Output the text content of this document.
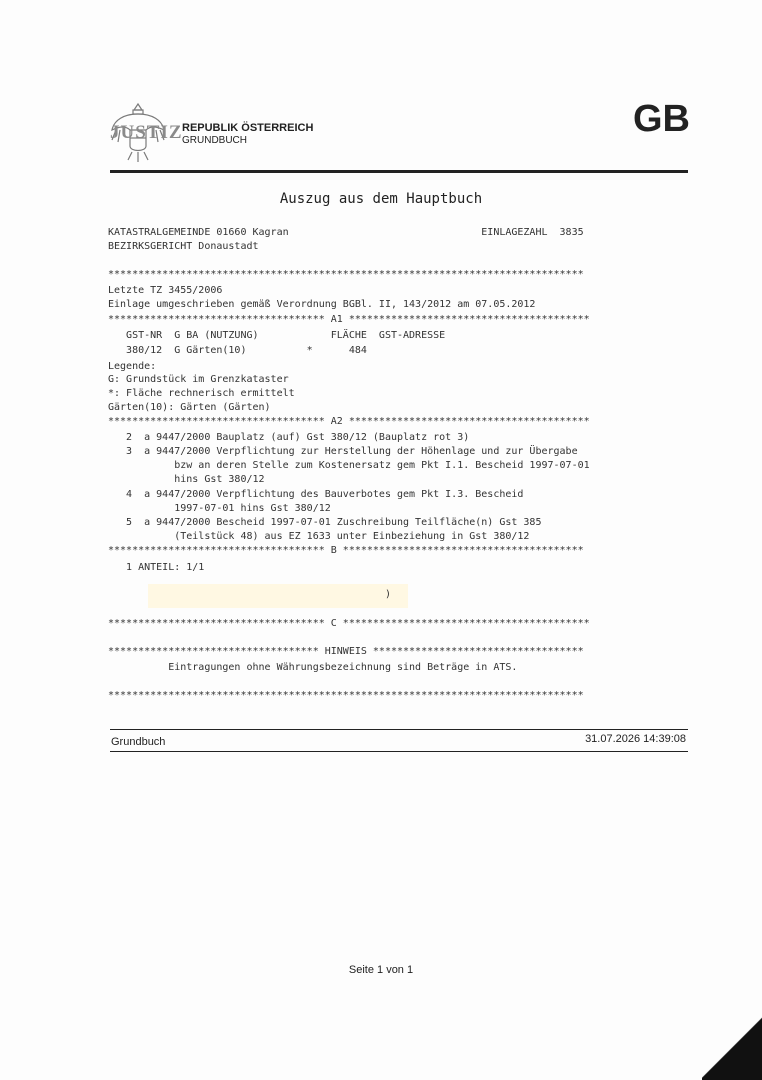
JUSTIZ REPUBLIK ÖSTERREICH
GRUNDBUCH
GB
Auszug aus dem Hauptbuch
KATASTRALGEMEINDE 01660 Kagran                                EINLAGEZAHL  3835
BEZIRKSGERICHT Donaustadt
*******************************************************************************
Letzte TZ 3455/2006
Einlage umgeschrieben gemäß Verordnung BGBl. II, 143/2012 am 07.05.2012
************************************ A1 ****************************************
GST-NR  G BA (NUTZUNG)            FLÄCHE  GST-ADRESSE
380/12  G Gärten(10)          *      484
Legende:
G: Grundstück im Grenzkataster
*: Fläche rechnerisch ermittelt
Gärten(10): Gärten (Gärten)
************************************ A2 ****************************************
2  a 9447/2000 Bauplatz (auf) Gst 380/12 (Bauplatz rot 3)
3  a 9447/2000 Verpflichtung zur Herstellung der Höhenlage und zur Übergabe
bzw an deren Stelle zum Kostenersatz gem Pkt I.1. Bescheid 1997-07-01
hins Gst 380/12
4  a 9447/2000 Verpflichtung des Bauverbotes gem Pkt I.3. Bescheid
1997-07-01 hins Gst 380/12
5  a 9447/2000 Bescheid 1997-07-01 Zuschreibung Teilfläche(n) Gst 385
(Teilstück 48) aus EZ 1633 unter Einbeziehung in Gst 380/12
************************************ B ****************************************
1 ANTEIL: 1/1
)
************************************ C *****************************************
*********************************** HINWEIS ***********************************
Eintragungen ohne Währungsbezeichnung sind Beträge in ATS.
*******************************************************************************
Grundbuch	31.07.2026 14:39:08
Seite 1 von 1
